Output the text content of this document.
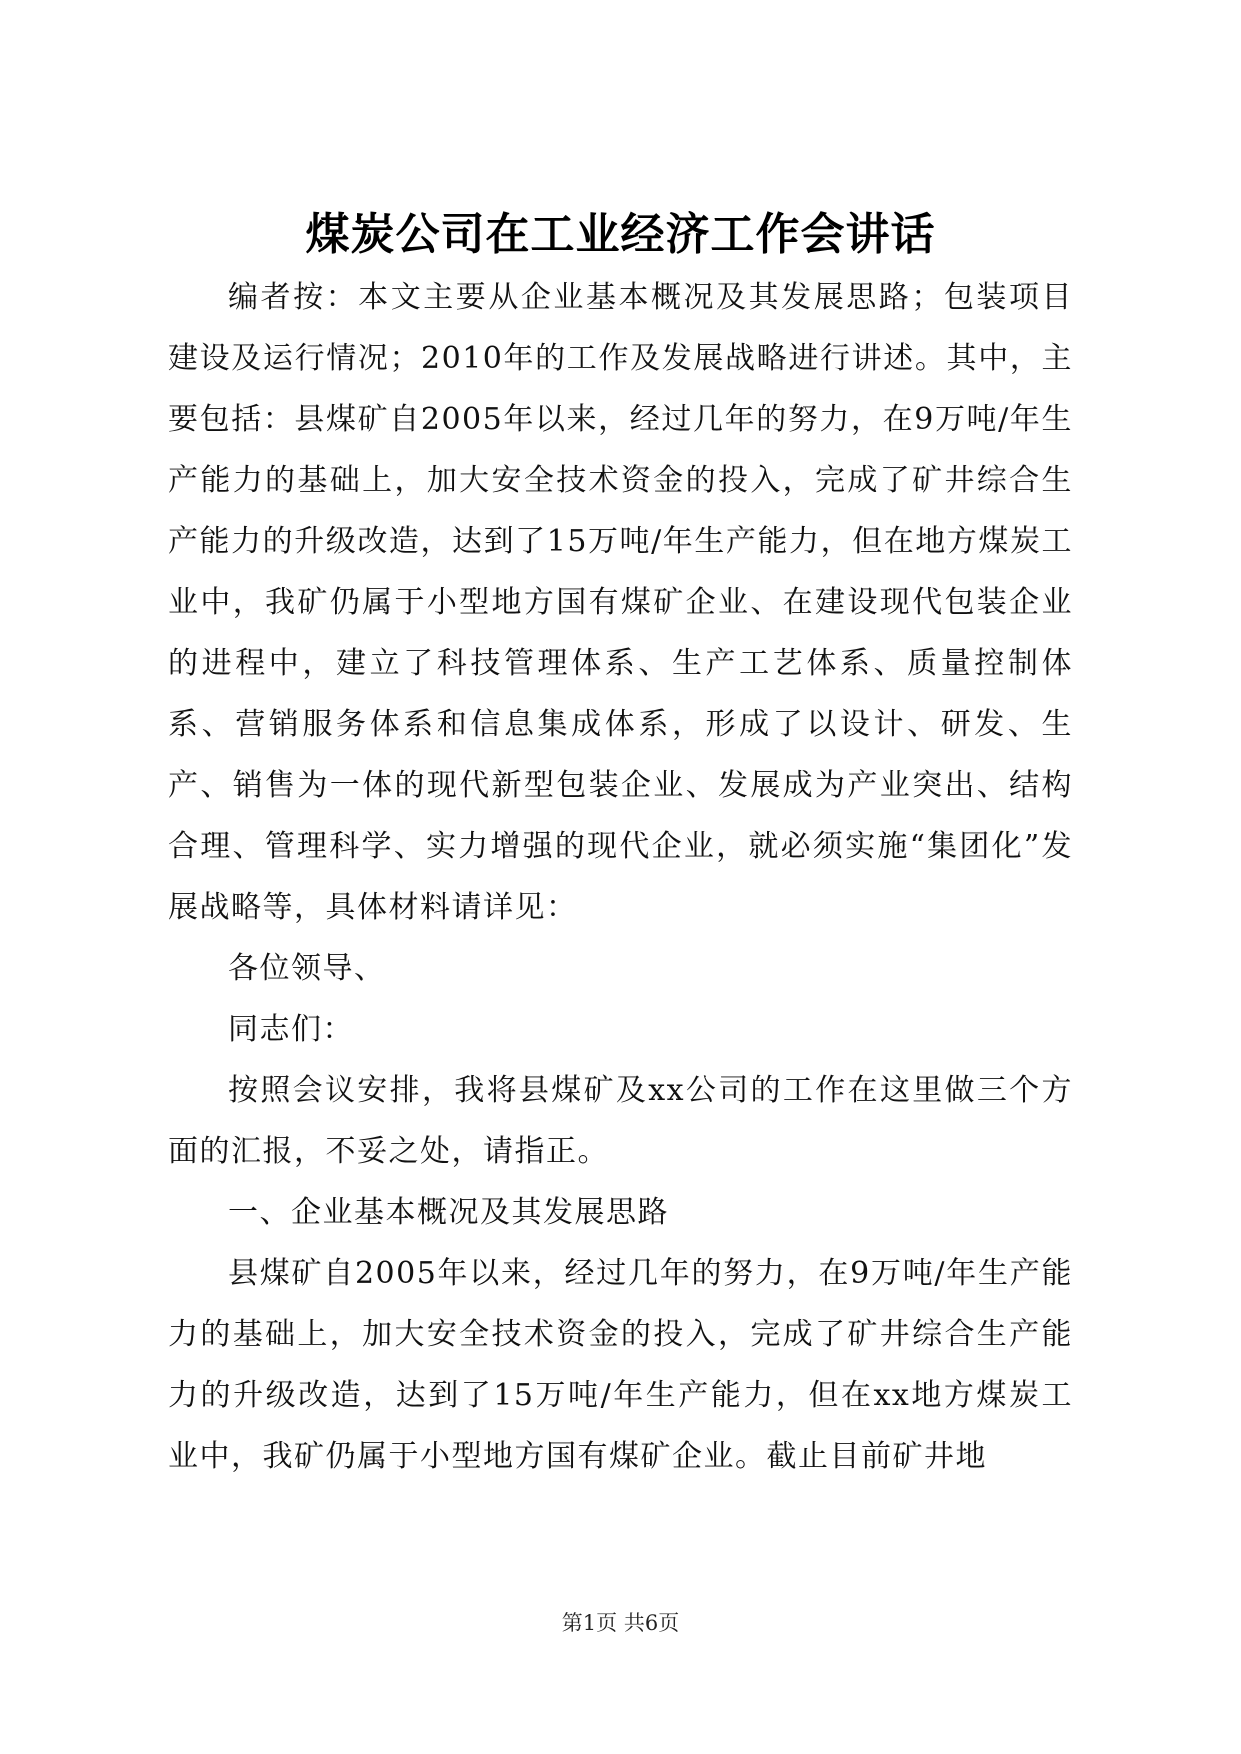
煤炭公司在工业经济工作会讲话

编者按：本文主要从企业基本概况及其发展思路；包装项目建设及运行情况；2010年的工作及发展战略进行讲述。其中，主要包括：县煤矿自2005年以来，经过几年的努力，在9万吨/年生产能力的基础上，加大安全技术资金的投入，完成了矿井综合生产能力的升级改造，达到了15万吨/年生产能力，但在地方煤炭工业中，我矿仍属于小型地方国有煤矿企业、在建设现代包装企业的进程中，建立了科技管理体系、生产工艺体系、质量控制体系、营销服务体系和信息集成体系，形成了以设计、研发、生产、销售为一体的现代新型包装企业、发展成为产业突出、结构合理、管理科学、实力增强的现代企业，就必须实施“集团化”发展战略等，具体材料请详见：

各位领导、

同志们：

按照会议安排，我将县煤矿及xx公司的工作在这里做三个方面的汇报，不妥之处，请指正。

一、企业基本概况及其发展思路

县煤矿自2005年以来，经过几年的努力，在9万吨/年生产能力的基础上，加大安全技术资金的投入，完成了矿井综合生产能力的升级改造，达到了15万吨/年生产能力，但在xx地方煤炭工业中，我矿仍属于小型地方国有煤矿企业。截止目前矿井地

第1页 共6页
